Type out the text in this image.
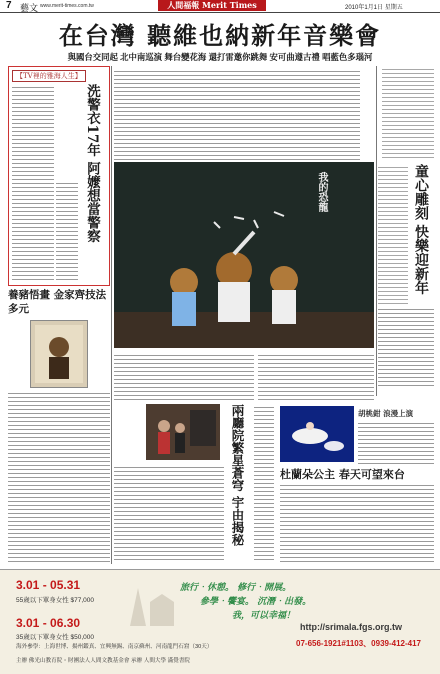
7 藝文 www.merit-times.com.tw	人間福報 Merit Times	2010年1月1日 星期五
在台灣 聽維也納新年音樂會
與國台交同起 北中南巡演 舞台變花海 還打雷邀你跳舞 安可曲遵古禮 唱藍色多瑙河
【TV裡的雅海人生】
洗警衣17年 阿嬤想當警察	我的恐龍	童心雕刻 快樂迎新年
養豬悟畫 金家齊技法多元
兩廳院繁星蒼穹 宇由揭秘	胡桃鉗 浪漫上演
杜蘭朵公主 春天可望來台
3.01 - 05.31
55歲以下單身女性 $77,000
3.01 - 06.30
35歲以下單身女性 $50,000
海外參學：上海世博、揚州鑑真、宜興無錫、南京蘇州、河南龍門石窟（30天）
主辦 佛光山教育院・財團法人人間文教基金會 承辦 人間大學 滿覺書院
旅行‧休憩。 修行‧開展。
參學‧饗宴。 沉潛‧出發。
我，可以幸福！
http://srimala.fgs.org.tw
07-656-1921#1103、0939-412-417
